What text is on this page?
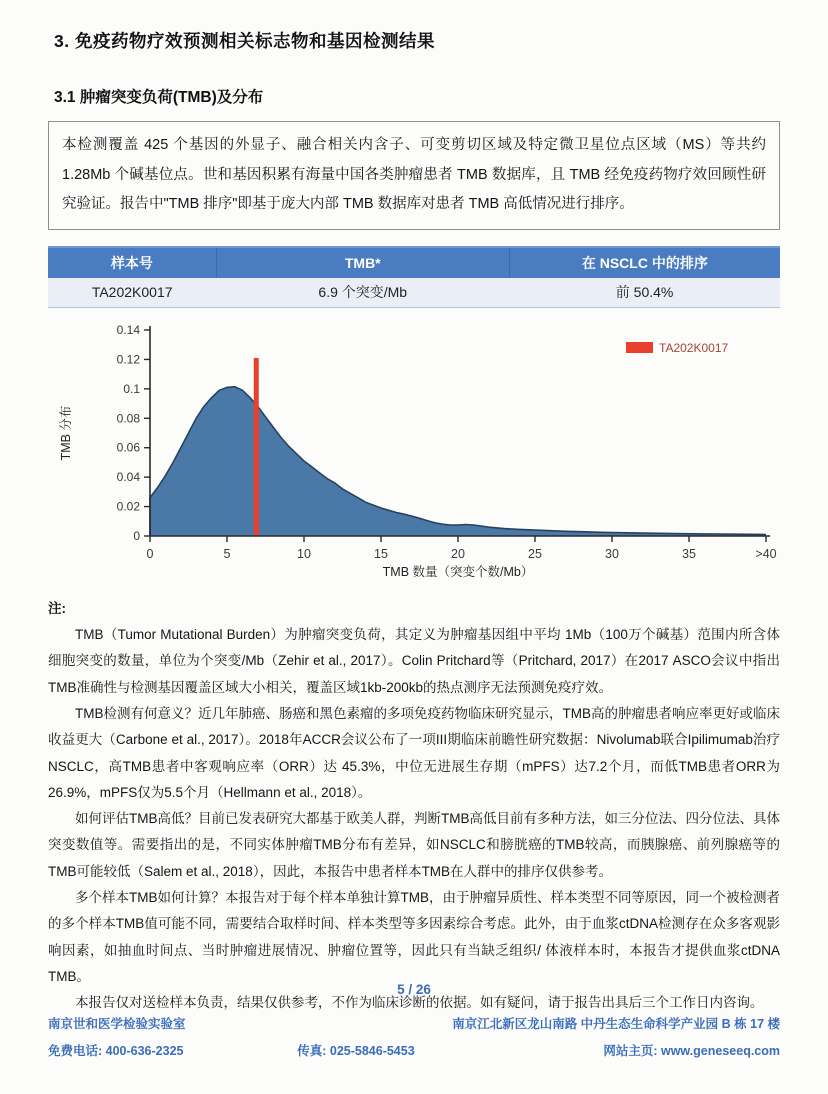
3. 免疫药物疗效预测相关标志物和基因检测结果
3.1 肿瘤突变负荷(TMB)及分布
本检测覆盖 425 个基因的外显子、融合相关内含子、可变剪切区域及特定微卫星位点区域（MS）等共约 1.28Mb 个碱基位点。世和基因积累有海量中国各类肿瘤患者 TMB 数据库，且 TMB 经免疫药物疗效回顾性研究验证。报告中"TMB 排序"即基于庞大内部 TMB 数据库对患者 TMB 高低情况进行排序。
样本号	TMB*	在 NSCLC 中的排序
TA202K0017	6.9 个突变/Mb	前 50.4%
0
0.02
0.04
0.06
0.08
0.1
0.12
0.14
0	5	10	15	20	25	30	35	>40
TMB 数量（突变个数/Mb）
TMB 分布
TA202K0017
注:

TMB（Tumor Mutational Burden）为肿瘤突变负荷，其定义为肿瘤基因组中平均 1Mb（100万个碱基）范围内所含体细胞突变的数量，单位为个突变/Mb（Zehir et al., 2017）。Colin Pritchard等（Pritchard, 2017）在2017 ASCO会议中指出TMB准确性与检测基因覆盖区域大小相关，覆盖区域1kb-200kb的热点测序无法预测免疫疗效。

TMB检测有何意义？近几年肺癌、肠癌和黑色素瘤的多项免疫药物临床研究显示，TMB高的肿瘤患者响应率更好或临床收益更大（Carbone et al., 2017）。2018年ACCR会议公布了一项III期临床前瞻性研究数据：Nivolumab联合Ipilimumab治疗NSCLC，高TMB患者中客观响应率（ORR）达 45.3%，中位无进展生存期（mPFS）达7.2个月，而低TMB患者ORR为26.9%，mPFS仅为5.5个月（Hellmann et al., 2018）。

如何评估TMB高低？目前已发表研究大都基于欧美人群，判断TMB高低目前有多种方法，如三分位法、四分位法、具体突变数值等。需要指出的是，不同实体肿瘤TMB分布有差异，如NSCLC和膀胱癌的TMB较高，而胰腺癌、前列腺癌等的TMB可能较低（Salem et al., 2018），因此，本报告中患者样本TMB在人群中的排序仅供参考。

多个样本TMB如何计算？本报告对于每个样本单独计算TMB，由于肿瘤异质性、样本类型不同等原因，同一个被检测者的多个样本TMB值可能不同，需要结合取样时间、样本类型等多因素综合考虑。此外，由于血浆ctDNA检测存在众多客观影响因素，如抽血时间点、当时肿瘤进展情况、肿瘤位置等，因此只有当缺乏组织/ 体液样本时，本报告才提供血浆ctDNA TMB。

本报告仅对送检样本负责，结果仅供参考，不作为临床诊断的依据。如有疑问，请于报告出具后三个工作日内咨询。

5 / 26
南京世和医学检验实验室	南京江北新区龙山南路 中丹生态生命科学产业园 B 栋 17 楼
免费电话: 400-636-2325	传真: 025-5846-5453	网站主页: www.geneseeq.com
